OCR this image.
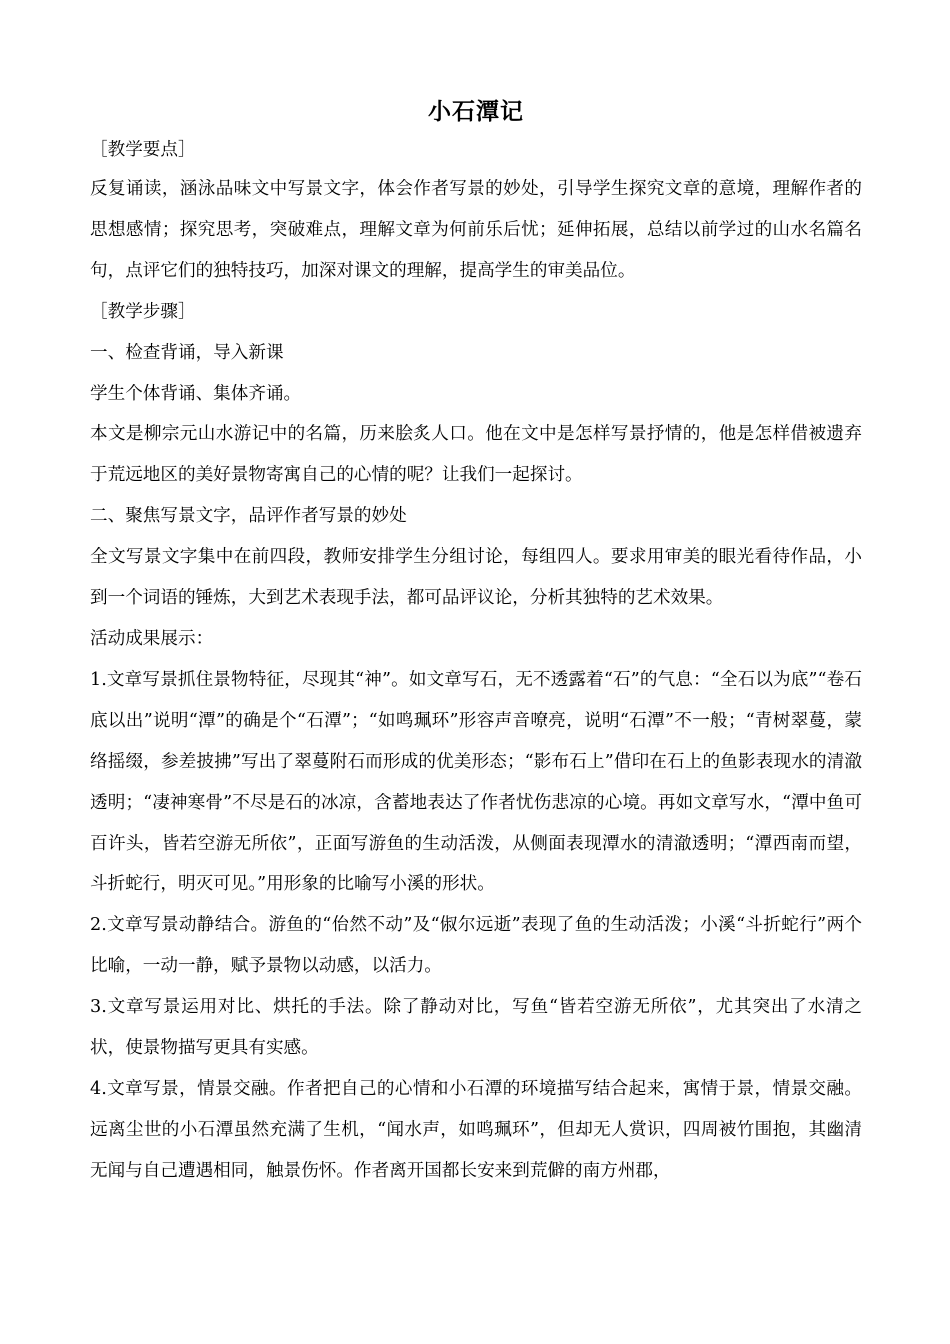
小石潭记

［教学要点］

反复诵读，涵泳品味文中写景文字，体会作者写景的妙处，引导学生探究文章的意境，理解作者的思想感情；探究思考，突破难点，理解文章为何前乐后忧；延伸拓展，总结以前学过的山水名篇名句，点评它们的独特技巧，加深对课文的理解，提高学生的审美品位。

［教学步骤］

一、检查背诵，导入新课

学生个体背诵、集体齐诵。

本文是柳宗元山水游记中的名篇，历来脍炙人口。他在文中是怎样写景抒情的，他是怎样借被遗弃于荒远地区的美好景物寄寓自己的心情的呢？让我们一起探讨。

二、聚焦写景文字，品评作者写景的妙处

全文写景文字集中在前四段，教师安排学生分组讨论，每组四人。要求用审美的眼光看待作品，小到一个词语的锤炼，大到艺术表现手法，都可品评议论，分析其独特的艺术效果。

活动成果展示：

1.文章写景抓住景物特征，尽现其“神”。如文章写石，无不透露着“石”的气息：“全石以为底”“卷石底以出”说明“潭”的确是个“石潭”；“如鸣珮环”形容声音嘹亮，说明“石潭”不一般；“青树翠蔓，蒙络摇缀，参差披拂”写出了翠蔓附石而形成的优美形态；“影布石上”借印在石上的鱼影表现水的清澈透明；“凄神寒骨”不尽是石的冰凉，含蓄地表达了作者忧伤悲凉的心境。再如文章写水，“潭中鱼可百许头，皆若空游无所依”，正面写游鱼的生动活泼，从侧面表现潭水的清澈透明；“潭西南而望，斗折蛇行，明灭可见。”用形象的比喻写小溪的形状。

2.文章写景动静结合。游鱼的“佁然不动”及“俶尔远逝”表现了鱼的生动活泼；小溪“斗折蛇行”两个比喻，一动一静，赋予景物以动感，以活力。

3.文章写景运用对比、烘托的手法。除了静动对比，写鱼“皆若空游无所依”，尤其突出了水清之状，使景物描写更具有实感。

4.文章写景，情景交融。作者把自己的心情和小石潭的环境描写结合起来，寓情于景，情景交融。远离尘世的小石潭虽然充满了生机，“闻水声，如鸣珮环”，但却无人赏识，四周被竹围抱，其幽清无闻与自己遭遇相同，触景伤怀。作者离开国都长安来到荒僻的南方州郡，
